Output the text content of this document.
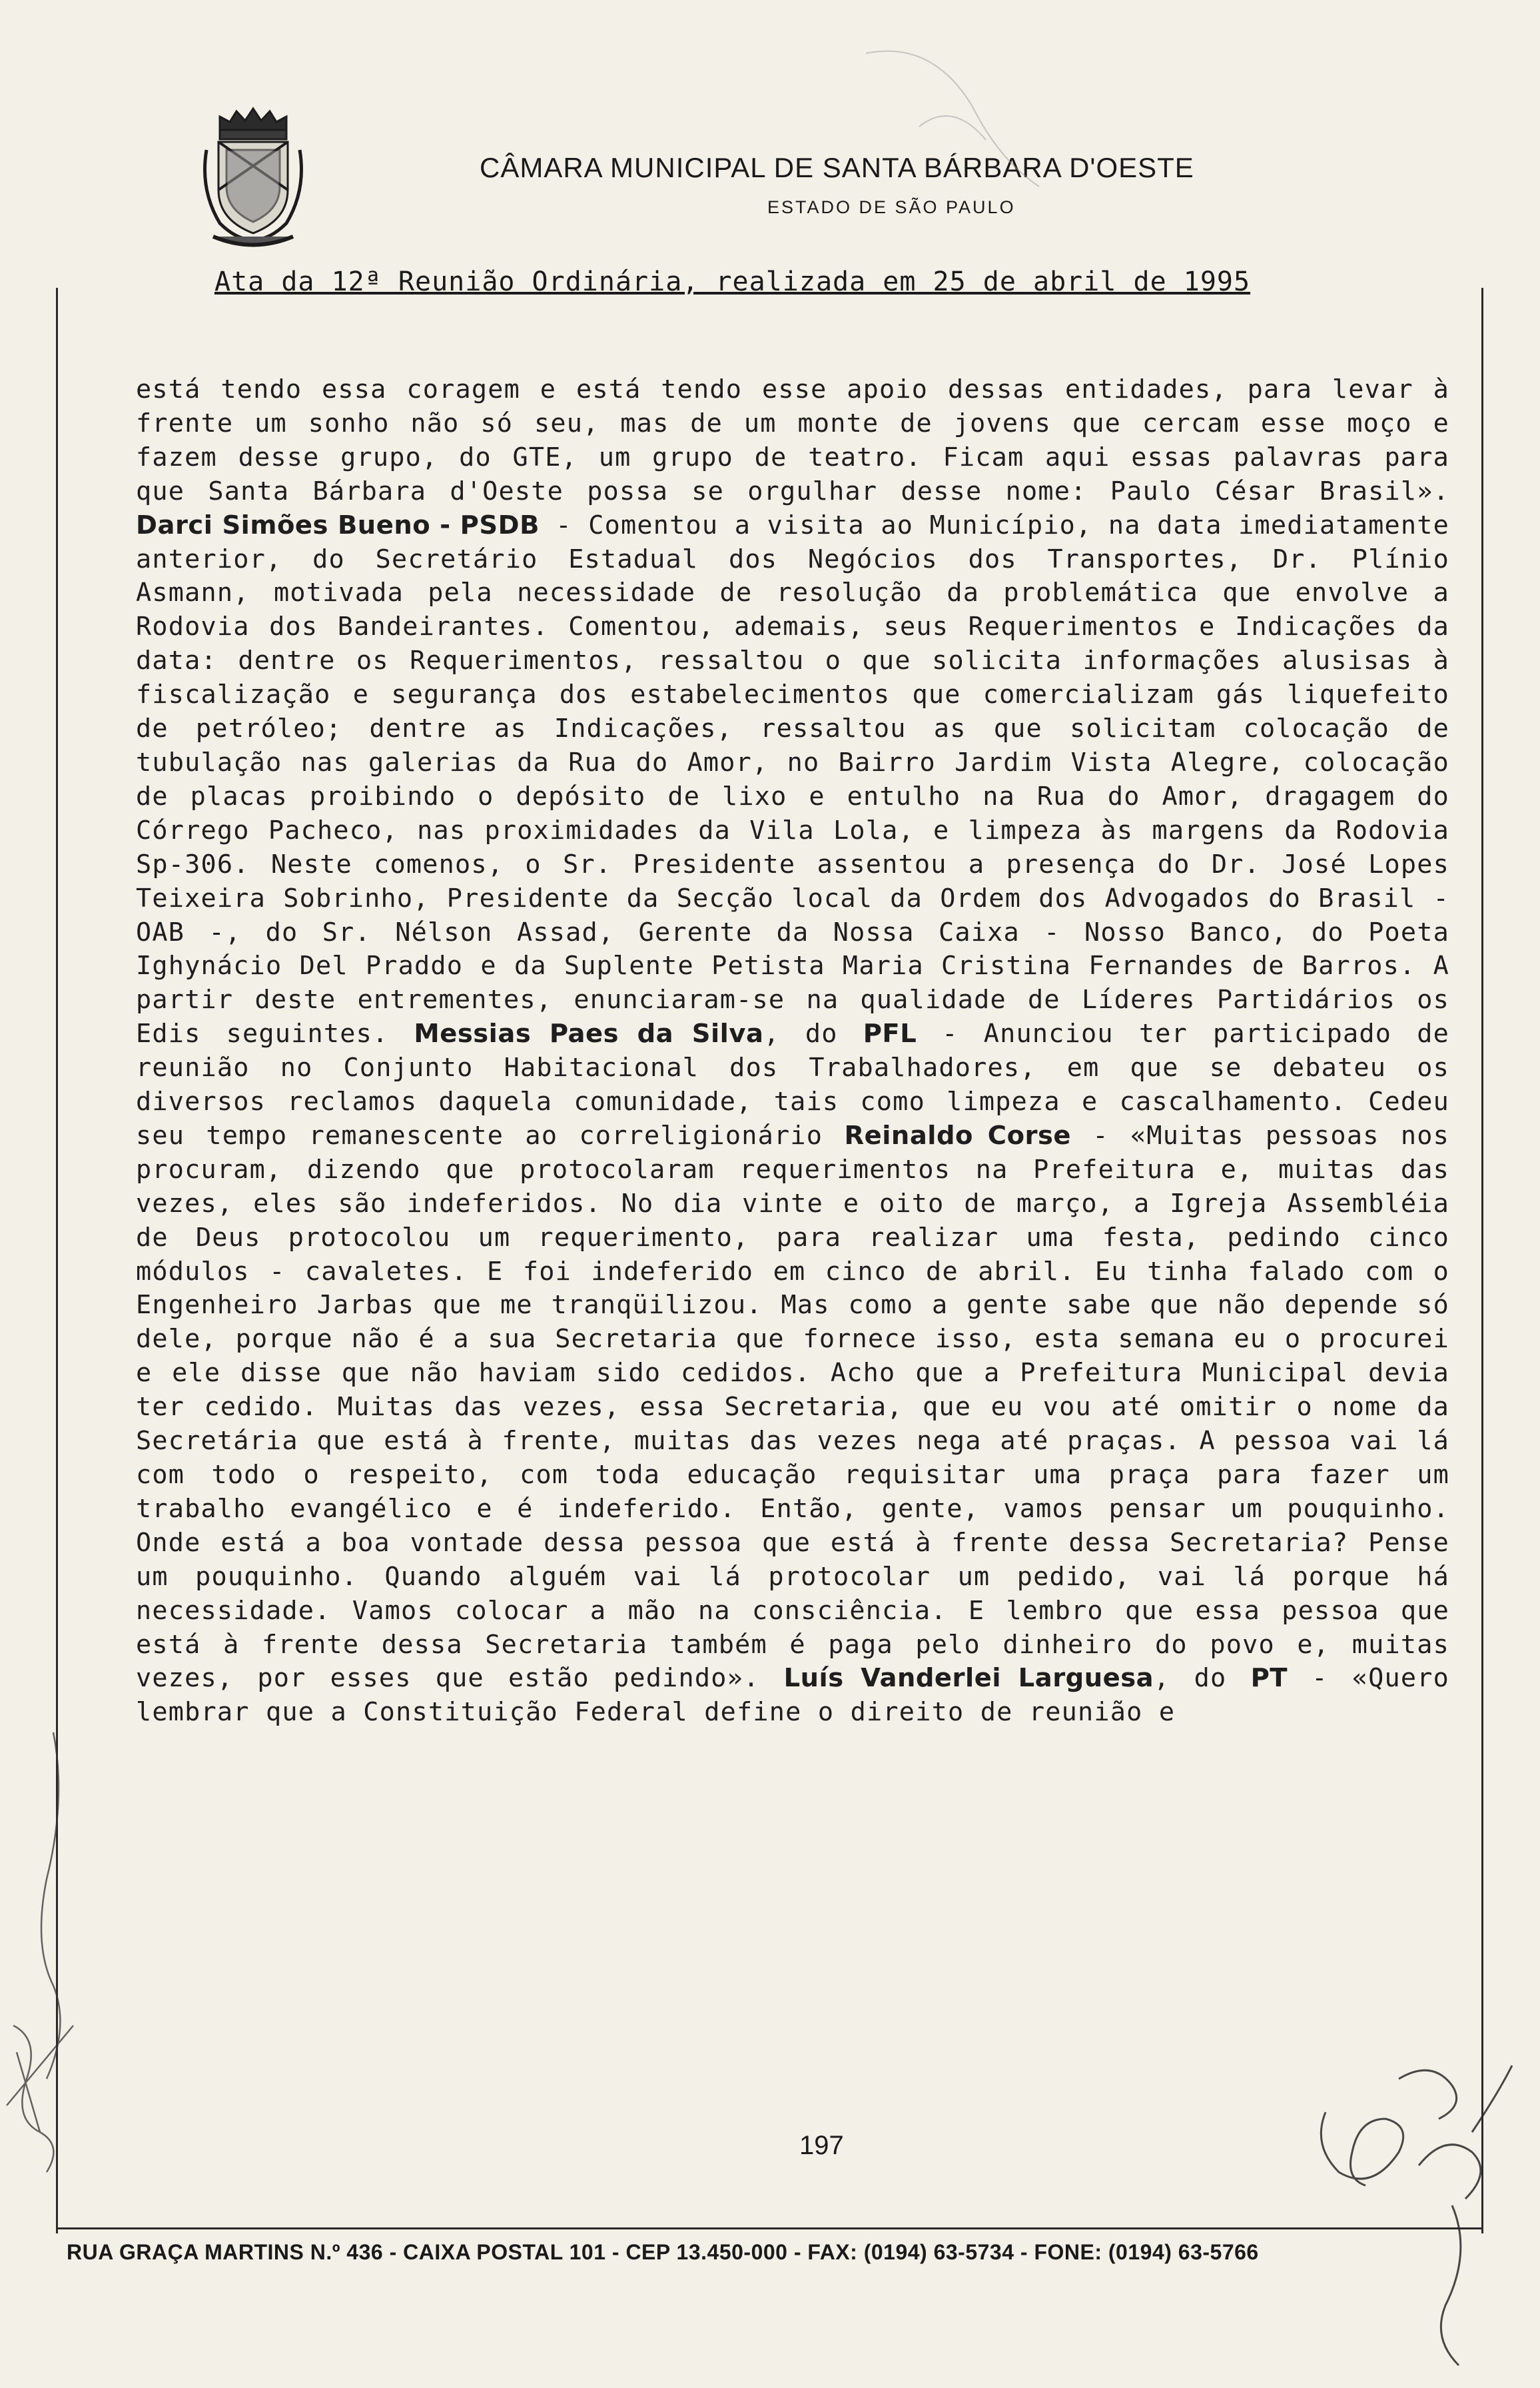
CÂMARA MUNICIPAL DE SANTA BÁRBARA D'OESTE
ESTADO DE SÃO PAULO
Ata da 12ª Reunião Ordinária, realizada em 25 de abril de 1995

está tendo essa coragem e está tendo esse apoio dessas entidades, para levar à frente um sonho não só seu, mas de um monte de jovens que cercam esse moço e fazem desse grupo, do GTE, um grupo de teatro. Ficam aqui essas palavras para que Santa Bárbara d'Oeste possa se orgulhar desse nome: Paulo César Brasil». Darci Simões Bueno - PSDB - Comentou a visita ao Município, na data imediatamente anterior, do Secretário Estadual dos Negócios dos Transportes, Dr. Plínio Asmann, motivada pela necessidade de resolução da problemática que envolve a Rodovia dos Bandeirantes. Comentou, ademais, seus Requerimentos e Indicações da data: dentre os Requerimentos, ressaltou o que solicita informações alusisas à fiscalização e segurança dos estabelecimentos que comercializam gás liquefeito de petróleo; dentre as Indicações, ressaltou as que solicitam colocação de tubulação nas galerias da Rua do Amor, no Bairro Jardim Vista Alegre, colocação de placas proibindo o depósito de lixo e entulho na Rua do Amor, dragagem do Córrego Pacheco, nas proximidades da Vila Lola, e limpeza às margens da Rodovia Sp-306. Neste comenos, o Sr. Presidente assentou a presença do Dr. José Lopes Teixeira Sobrinho, Presidente da Secção local da Ordem dos Advogados do Brasil - OAB -, do Sr. Nélson Assad, Gerente da Nossa Caixa - Nosso Banco, do Poeta Ighynácio Del Praddo e da Suplente Petista Maria Cristina Fernandes de Barros. A partir deste entrementes, enunciaram-se na qualidade de Líderes Partidários os Edis seguintes. Messias Paes da Silva, do PFL - Anunciou ter participado de reunião no Conjunto Habitacional dos Trabalhadores, em que se debateu os diversos reclamos daquela comunidade, tais como limpeza e cascalhamento. Cedeu seu tempo remanescente ao correligionário Reinaldo Corse - «Muitas pessoas nos procuram, dizendo que protocolaram requerimentos na Prefeitura e, muitas das vezes, eles são indeferidos. No dia vinte e oito de março, a Igreja Assembléia de Deus protocolou um requerimento, para realizar uma festa, pedindo cinco módulos - cavaletes. E foi indeferido em cinco de abril. Eu tinha falado com o Engenheiro Jarbas que me tranqüilizou. Mas como a gente sabe que não depende só dele, porque não é a sua Secretaria que fornece isso, esta semana eu o procurei e ele disse que não haviam sido cedidos. Acho que a Prefeitura Municipal devia ter cedido. Muitas das vezes, essa Secretaria, que eu vou até omitir o nome da Secretária que está à frente, muitas das vezes nega até praças. A pessoa vai lá com todo o respeito, com toda educação requisitar uma praça para fazer um trabalho evangélico e é indeferido. Então, gente, vamos pensar um pouquinho. Onde está a boa vontade dessa pessoa que está à frente dessa Secretaria? Pense um pouquinho. Quando alguém vai lá protocolar um pedido, vai lá porque há necessidade. Vamos colocar a mão na consciência. E lembro que essa pessoa que está à frente dessa Secretaria também é paga pelo dinheiro do povo e, muitas vezes, por esses que estão pedindo». Luís Vanderlei Larguesa, do PT - «Quero lembrar que a Constituição Federal define o direito de reunião e

197
RUA GRAÇA MARTINS N.º 436 - CAIXA POSTAL 101 - CEP 13.450-000 - FAX: (0194) 63-5734 - FONE: (0194) 63-5766
